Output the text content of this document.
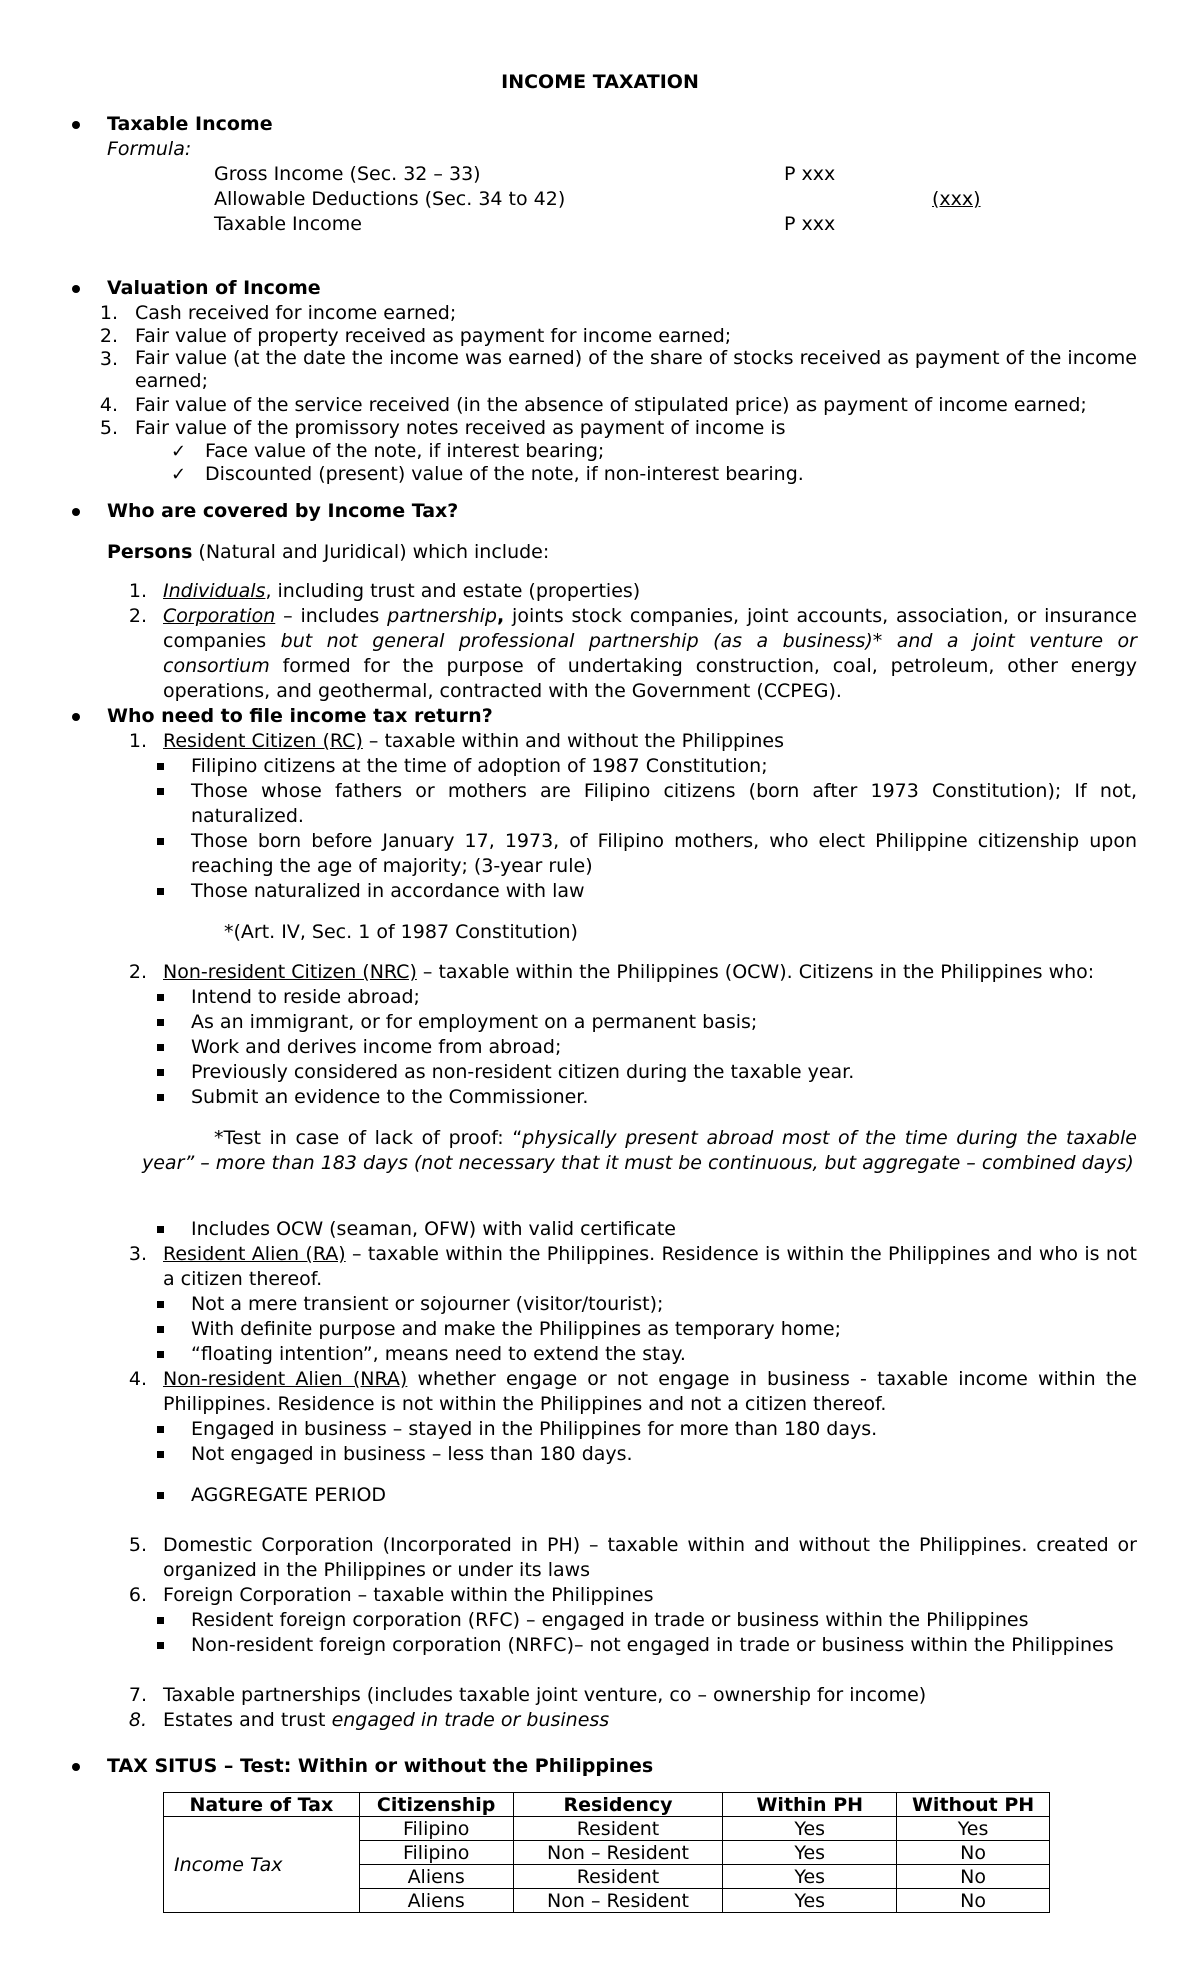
INCOME TAXATION
Taxable Income
Formula:
Gross Income (Sec. 32 – 33)	P xxx
Allowable Deductions (Sec. 34 to 42)	(xxx)
Taxable Income	P xxx
Valuation of Income
1. Cash received for income earned;
2. Fair value of property received as payment for income earned;
3. Fair value (at the date the income was earned) of the share of stocks received as payment of the income earned;
4. Fair value of the service received (in the absence of stipulated price) as payment of income earned;
5. Fair value of the promissory notes received as payment of income is
✓ Face value of the note, if interest bearing;
✓ Discounted (present) value of the note, if non-interest bearing.
Who are covered by Income Tax?
Persons (Natural and Juridical) which include:
1. Individuals, including trust and estate (properties)
2. Corporation – includes partnership, joints stock companies, joint accounts, association, or insurance companies but not general professional partnership (as a business)* and a joint venture or consortium formed for the purpose of undertaking construction, coal, petroleum, other energy operations, and geothermal, contracted with the Government (CCPEG).
Who need to file income tax return?
1. Resident Citizen (RC) – taxable within and without the Philippines
Filipino citizens at the time of adoption of 1987 Constitution;
Those whose fathers or mothers are Filipino citizens (born after 1973 Constitution); If not, naturalized.
Those born before January 17, 1973, of Filipino mothers, who elect Philippine citizenship upon reaching the age of majority; (3-year rule)
Those naturalized in accordance with law
*(Art. IV, Sec. 1 of 1987 Constitution)
2. Non-resident Citizen (NRC) – taxable within the Philippines (OCW). Citizens in the Philippines who:
Intend to reside abroad;
As an immigrant, or for employment on a permanent basis;
Work and derives income from abroad;
Previously considered as non-resident citizen during the taxable year.
Submit an evidence to the Commissioner.
*Test in case of lack of proof: “physically present abroad most of the time during the taxable year” – more than 183 days (not necessary that it must be continuous, but aggregate – combined days)
Includes OCW (seaman, OFW) with valid certificate
3. Resident Alien (RA) – taxable within the Philippines. Residence is within the Philippines and who is not a citizen thereof.
Not a mere transient or sojourner (visitor/tourist);
With definite purpose and make the Philippines as temporary home;
“floating intention”, means need to extend the stay.
4. Non-resident Alien (NRA) whether engage or not engage in business - taxable income within the Philippines. Residence is not within the Philippines and not a citizen thereof.
Engaged in business – stayed in the Philippines for more than 180 days.
Not engaged in business – less than 180 days.
AGGREGATE PERIOD
5. Domestic Corporation (Incorporated in PH) – taxable within and without the Philippines. created or organized in the Philippines or under its laws
6. Foreign Corporation – taxable within the Philippines
Resident foreign corporation (RFC) – engaged in trade or business within the Philippines
Non-resident foreign corporation (NRFC)– not engaged in trade or business within the Philippines
7. Taxable partnerships (includes taxable joint venture, co – ownership for income)
8. Estates and trust engaged in trade or business
TAX SITUS – Test: Within or without the Philippines
Nature of Tax	Citizenship	Residency	Within PH	Without PH
Income Tax	Filipino	Resident	Yes	Yes
	Filipino	Non – Resident	Yes	No
	Aliens	Resident	Yes	No
	Aliens	Non – Resident	Yes	No
